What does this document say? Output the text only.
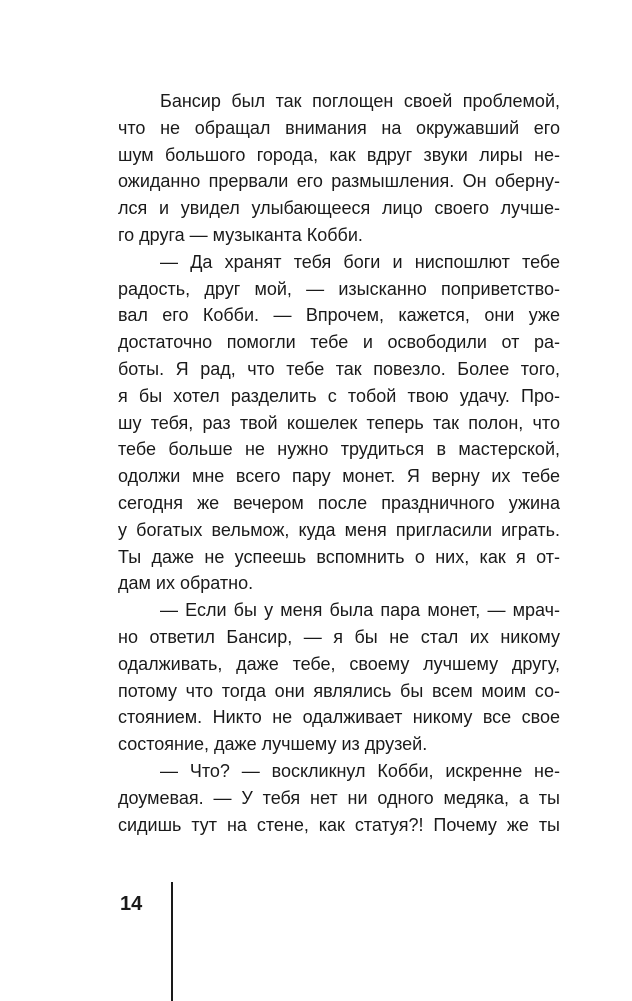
Бансир был так поглощен своей проблемой,
что не обращал внимания на окружавший его
шум большого города, как вдруг звуки лиры не-
ожиданно прервали его размышления. Он оберну-
лся и увидел улыбающееся лицо своего лучше-
го друга — музыканта Кобби.
— Да хранят тебя боги и ниспошлют тебе
радость, друг мой, — изысканно поприветство-
вал его Кобби. — Впрочем, кажется, они уже
достаточно помогли тебе и освободили от ра-
боты. Я рад, что тебе так повезло. Более того,
я бы хотел разделить с тобой твою удачу. Про-
шу тебя, раз твой кошелек теперь так полон, что
тебе больше не нужно трудиться в мастерской,
одолжи мне всего пару монет. Я верну их тебе
сегодня же вечером после праздничного ужина
у богатых вельмож, куда меня пригласили играть.
Ты даже не успеешь вспомнить о них, как я от-
дам их обратно.
— Если бы у меня была пара монет, — мрач-
но ответил Бансир, — я бы не стал их никому
одалживать, даже тебе, своему лучшему другу,
потому что тогда они являлись бы всем моим со-
стоянием. Никто не одалживает никому все свое
состояние, даже лучшему из друзей.
— Что? — воскликнул Кобби, искренне не-
доумевая. — У тебя нет ни одного медяка, а ты
сидишь тут на стене, как статуя?! Почему же ты
14
